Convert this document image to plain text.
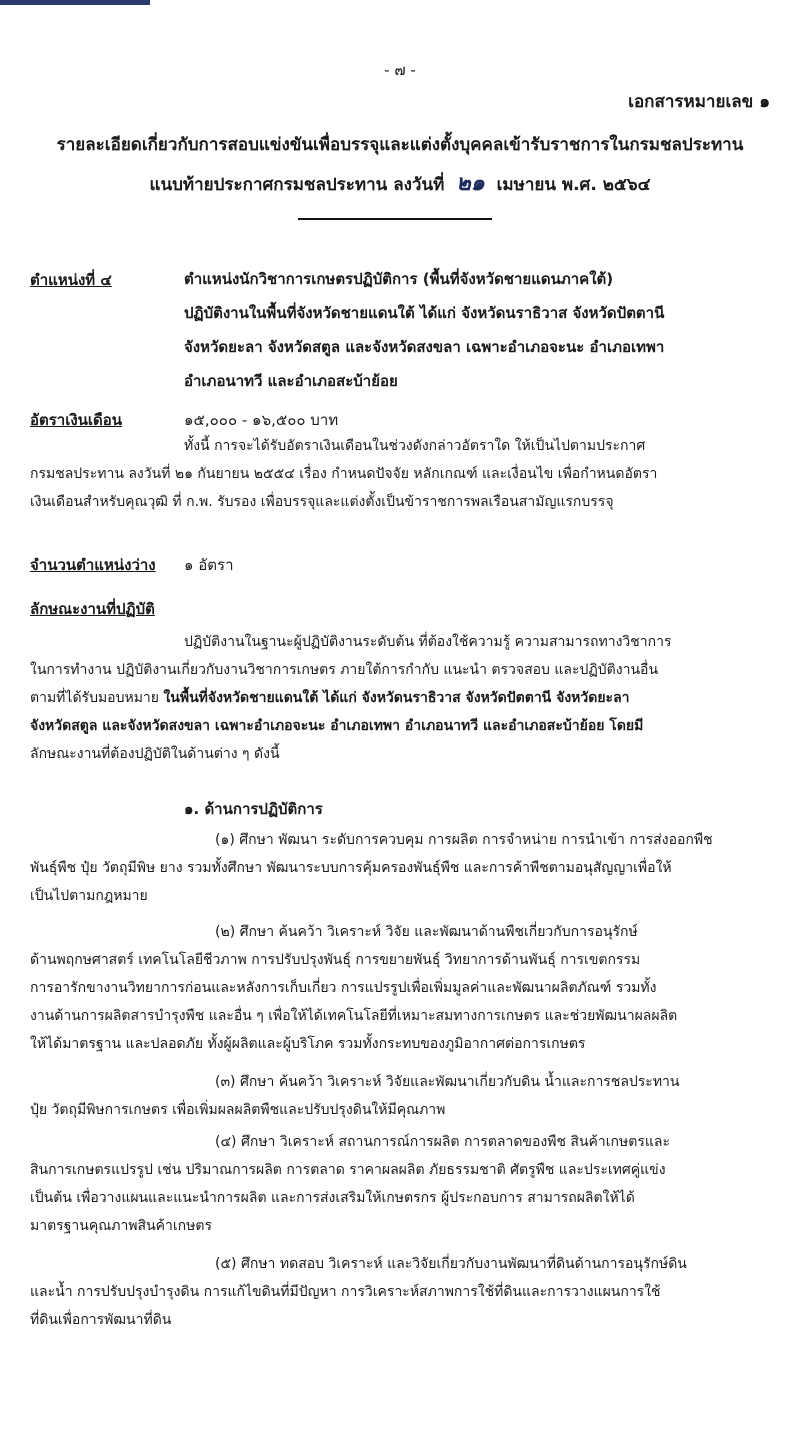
- ๗ -
เอกสารหมายเลข ๑
รายละเอียดเกี่ยวกับการสอบแข่งขันเพื่อบรรจุและแต่งตั้งบุคคลเข้ารับราชการในกรมชลประทาน
แนบท้ายประกาศกรมชลประทาน ลงวันที่ ๒๑ เมษายน พ.ศ. ๒๕๖๔
ตำแหน่งที่ ๔	ตำแหน่งนักวิชาการเกษตรปฏิบัติการ (พื้นที่จังหวัดชายแดนภาคใต้)
ปฏิบัติงานในพื้นที่จังหวัดชายแดนใต้ ได้แก่ จังหวัดนราธิวาส จังหวัดปัตตานี
จังหวัดยะลา จังหวัดสตูล และจังหวัดสงขลา เฉพาะอำเภอจะนะ อำเภอเทพา
อำเภอนาทวี และอำเภอสะบ้าย้อย
อัตราเงินเดือน	๑๕,๐๐๐ - ๑๖,๕๐๐ บาท
ทั้งนี้ การจะได้รับอัตราเงินเดือนในช่วงดังกล่าวอัตราใด ให้เป็นไปตามประกาศ
กรมชลประทาน ลงวันที่ ๒๑ กันยายน ๒๕๕๔ เรื่อง กำหนดปัจจัย หลักเกณฑ์ และเงื่อนไข เพื่อกำหนดอัตรา
เงินเดือนสำหรับคุณวุฒิ ที่ ก.พ. รับรอง เพื่อบรรจุและแต่งตั้งเป็นข้าราชการพลเรือนสามัญแรกบรรจุ
จำนวนตำแหน่งว่าง ๑ อัตรา
ลักษณะงานที่ปฏิบัติ
ปฏิบัติงานในฐานะผู้ปฏิบัติงานระดับต้น ที่ต้องใช้ความรู้ ความสามารถทางวิชาการ
ในการทำงาน ปฏิบัติงานเกี่ยวกับงานวิชาการเกษตร ภายใต้การกำกับ แนะนำ ตรวจสอบ และปฏิบัติงานอื่น
ตามที่ได้รับมอบหมาย ในพื้นที่จังหวัดชายแดนใต้ ได้แก่ จังหวัดนราธิวาส จังหวัดปัตตานี จังหวัดยะลา
จังหวัดสตูล และจังหวัดสงขลา เฉพาะอำเภอจะนะ อำเภอเทพา อำเภอนาทวี และอำเภอสะบ้าย้อย โดยมี
ลักษณะงานที่ต้องปฏิบัติในด้านต่าง ๆ ดังนี้
๑. ด้านการปฏิบัติการ
(๑) ศึกษา พัฒนา ระดับการควบคุม การผลิต การจำหน่าย การนำเข้า การส่งออกพืช
พันธุ์พืช ปุ๋ย วัตถุมีพิษ ยาง รวมทั้งศึกษา พัฒนาระบบการคุ้มครองพันธุ์พืช และการค้าพืชตามอนุสัญญาเพื่อให้
เป็นไปตามกฎหมาย
(๒) ศึกษา ค้นคว้า วิเคราะห์ วิจัย และพัฒนาด้านพืชเกี่ยวกับการอนุรักษ์
ด้านพฤกษศาสตร์ เทคโนโลยีชีวภาพ การปรับปรุงพันธุ์ การขยายพันธุ์ วิทยาการด้านพันธุ์ การเขตกรรม
การอารักขางานวิทยาการก่อนและหลังการเก็บเกี่ยว การแปรรูปเพื่อเพิ่มมูลค่าและพัฒนาผลิตภัณฑ์ รวมทั้ง
งานด้านการผลิตสารบำรุงพืช และอื่น ๆ เพื่อให้ได้เทคโนโลยีที่เหมาะสมทางการเกษตร และช่วยพัฒนาผลผลิต
ให้ได้มาตรฐาน และปลอดภัย ทั้งผู้ผลิตและผู้บริโภค รวมทั้งกระทบของภูมิอากาศต่อการเกษตร
(๓) ศึกษา ค้นคว้า วิเคราะห์ วิจัยและพัฒนาเกี่ยวกับดิน น้ำและการชลประทาน
ปุ๋ย วัตถุมีพิษการเกษตร เพื่อเพิ่มผลผลิตพืชและปรับปรุงดินให้มีคุณภาพ
(๔) ศึกษา วิเคราะห์ สถานการณ์การผลิต การตลาดของพืช สินค้าเกษตรและ
สินการเกษตรแปรรูป เช่น ปริมาณการผลิต การตลาด ราคาผลผลิต ภัยธรรมชาติ ศัตรูพืช และประเทศคู่แข่ง
เป็นต้น เพื่อวางแผนและแนะนำการผลิต และการส่งเสริมให้เกษตรกร ผู้ประกอบการ สามารถผลิตให้ได้
มาตรฐานคุณภาพสินค้าเกษตร
(๕) ศึกษา ทดสอบ วิเคราะห์ และวิจัยเกี่ยวกับงานพัฒนาที่ดินด้านการอนุรักษ์ดิน
และน้ำ การปรับปรุงบำรุงดิน การแก้ไขดินที่มีปัญหา การวิเคราะห์สภาพการใช้ที่ดินและการวางแผนการใช้
ที่ดินเพื่อการพัฒนาที่ดิน
